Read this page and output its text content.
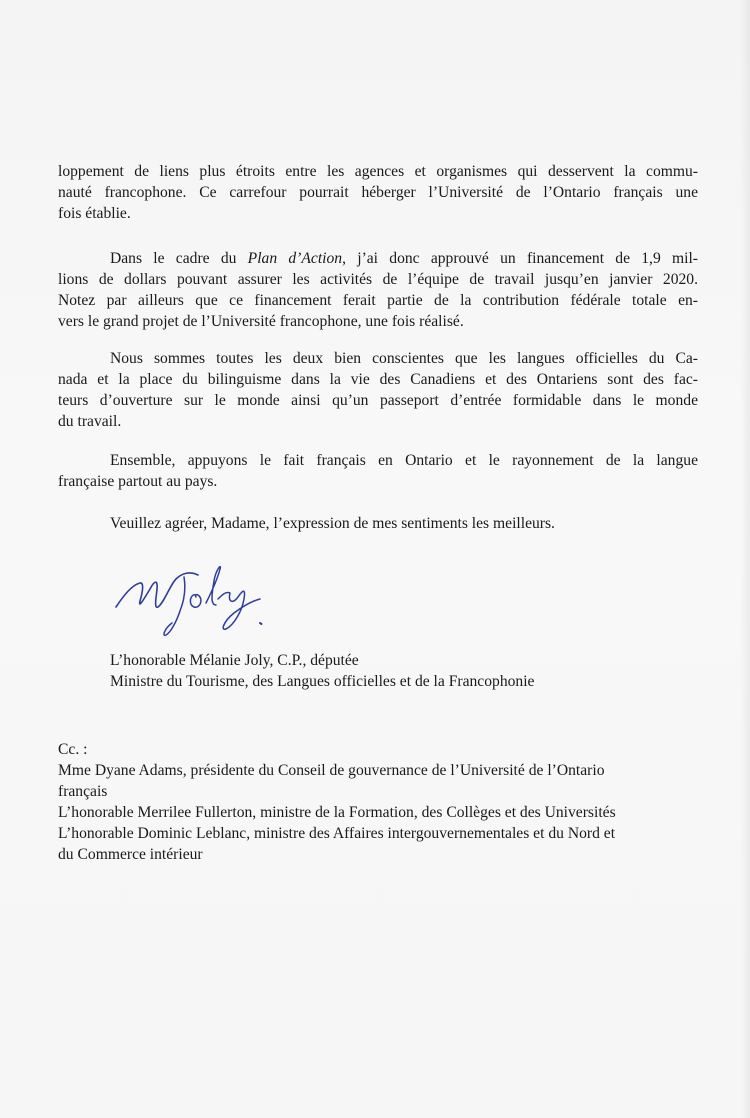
loppement de liens plus étroits entre les agences et organismes qui desservent la commu-
nauté francophone. Ce carrefour pourrait héberger l’Université de l’Ontario français une
fois établie.
Dans le cadre du Plan d’Action, j’ai donc approuvé un financement de 1,9 mil-
lions de dollars pouvant assurer les activités de l’équipe de travail jusqu’en janvier 2020.
Notez par ailleurs que ce financement ferait partie de la contribution fédérale totale en-
vers le grand projet de l’Université francophone, une fois réalisé.
Nous sommes toutes les deux bien conscientes que les langues officielles du Ca-
nada et la place du bilinguisme dans la vie des Canadiens et des Ontariens sont des fac-
teurs d’ouverture sur le monde ainsi qu’un passeport d’entrée formidable dans le monde
du travail.
Ensemble, appuyons le fait français en Ontario et le rayonnement de la langue
française partout au pays.

Veuillez agréer, Madame, l’expression de mes sentiments les meilleurs.

L’honorable Mélanie Joly, C.P., députée
Ministre du Tourisme, des Langues officielles et de la Francophonie
Cc. :
Mme Dyane Adams, présidente du Conseil de gouvernance de l’Université de l’Ontario
français
L’honorable Merrilee Fullerton, ministre de la Formation, des Collèges et des Universités
L’honorable Dominic Leblanc, ministre des Affaires intergouvernementales et du Nord et
du Commerce intérieur
